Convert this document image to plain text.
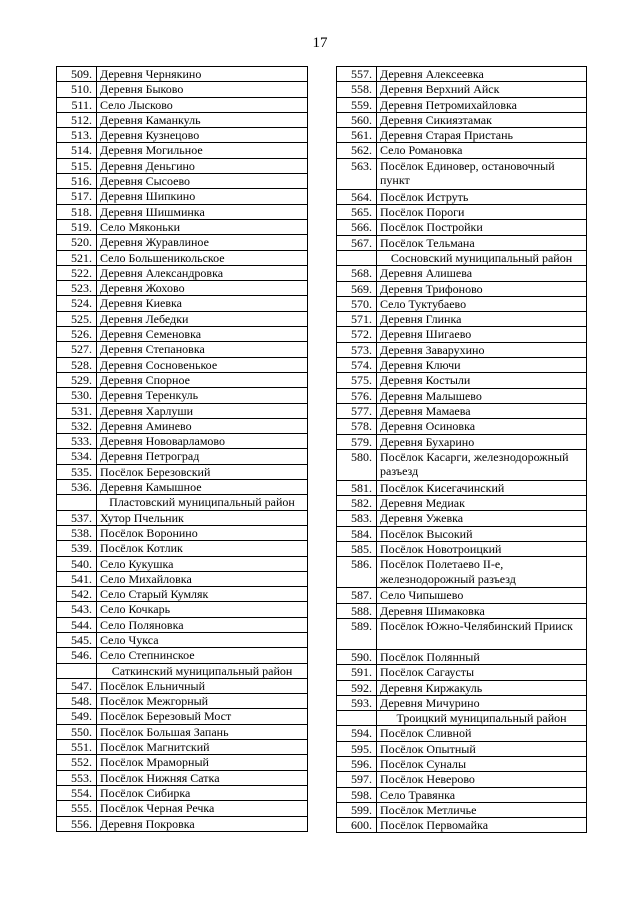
17
509.	Деревня Чернякино
510.	Деревня Быково
511.	Село Лысково
512.	Деревня Каманкуль
513.	Деревня Кузнецово
514.	Деревня Могильное
515.	Деревня Деньгино
516.	Деревня Сысоево
517.	Деревня Шипкино
518.	Деревня Шишминка
519.	Село Мяконьки
520.	Деревня Журавлиное
521.	Село Большеникольское
522.	Деревня Александровка
523.	Деревня Жохово
524.	Деревня Киевка
525.	Деревня Лебедки
526.	Деревня Семеновка
527.	Деревня Степановка
528.	Деревня Сосновенькое
529.	Деревня Спорное
530.	Деревня Теренкуль
531.	Деревня Харлуши
532.	Деревня Аминево
533.	Деревня Нововарламово
534.	Деревня Петроград
535.	Посёлок Березовский
536.	Деревня Камышное
	Пластовский муниципальный район
537.	Хутор Пчельник
538.	Посёлок Воронино
539.	Посёлок Котлик
540.	Село Кукушка
541.	Село Михайловка
542.	Село Старый Кумляк
543.	Село Кочкарь
544.	Село Поляновка
545.	Село Чукса
546.	Село Степнинское
	Саткинский муниципальный район
547.	Посёлок Ельничный
548.	Посёлок Межгорный
549.	Посёлок Березовый Мост
550.	Посёлок Большая Запань
551.	Посёлок Магнитский
552.	Посёлок Мраморный
553.	Посёлок Нижняя Сатка
554.	Посёлок Сибирка
555.	Посёлок Черная Речка
556.	Деревня Покровка
557.	Деревня Алексеевка
558.	Деревня Верхний Айск
559.	Деревня Петромихайловка
560.	Деревня Сикиязтамак
561.	Деревня Старая Пристань
562.	Село Романовка
563.	Посёлок Единовер, остановочный пункт
564.	Посёлок Иструть
565.	Посёлок Пороги
566.	Посёлок Постройки
567.	Посёлок Тельмана
	Сосновский муниципальный район
568.	Деревня Алишева
569.	Деревня Трифоново
570.	Село Туктубаево
571.	Деревня Глинка
572.	Деревня Шигаево
573.	Деревня Заварухино
574.	Деревня Ключи
575.	Деревня Костыли
576.	Деревня Малышево
577.	Деревня Мамаева
578.	Деревня Осиновка
579.	Деревня Бухарино
580.	Посёлок Касарги, железнодорожный разъезд
581.	Посёлок Кисегачинский
582.	Деревня Медиак
583.	Деревня Ужевка
584.	Посёлок Высокий
585.	Посёлок Новотроицкий
586.	Посёлок Полетаево II-е, железнодорожный разъезд
587.	Село Чипышево
588.	Деревня Шимаковка
589.	Посёлок Южно-Челябинский Прииск
590.	Посёлок Полянный
591.	Посёлок Сагаусты
592.	Деревня Киржакуль
593.	Деревня Мичурино
	Троицкий муниципальный район
594.	Посёлок Сливной
595.	Посёлок Опытный
596.	Посёлок Суналы
597.	Посёлок Неверово
598.	Село Травянка
599.	Посёлок Метличье
600.	Посёлок Первомайка
